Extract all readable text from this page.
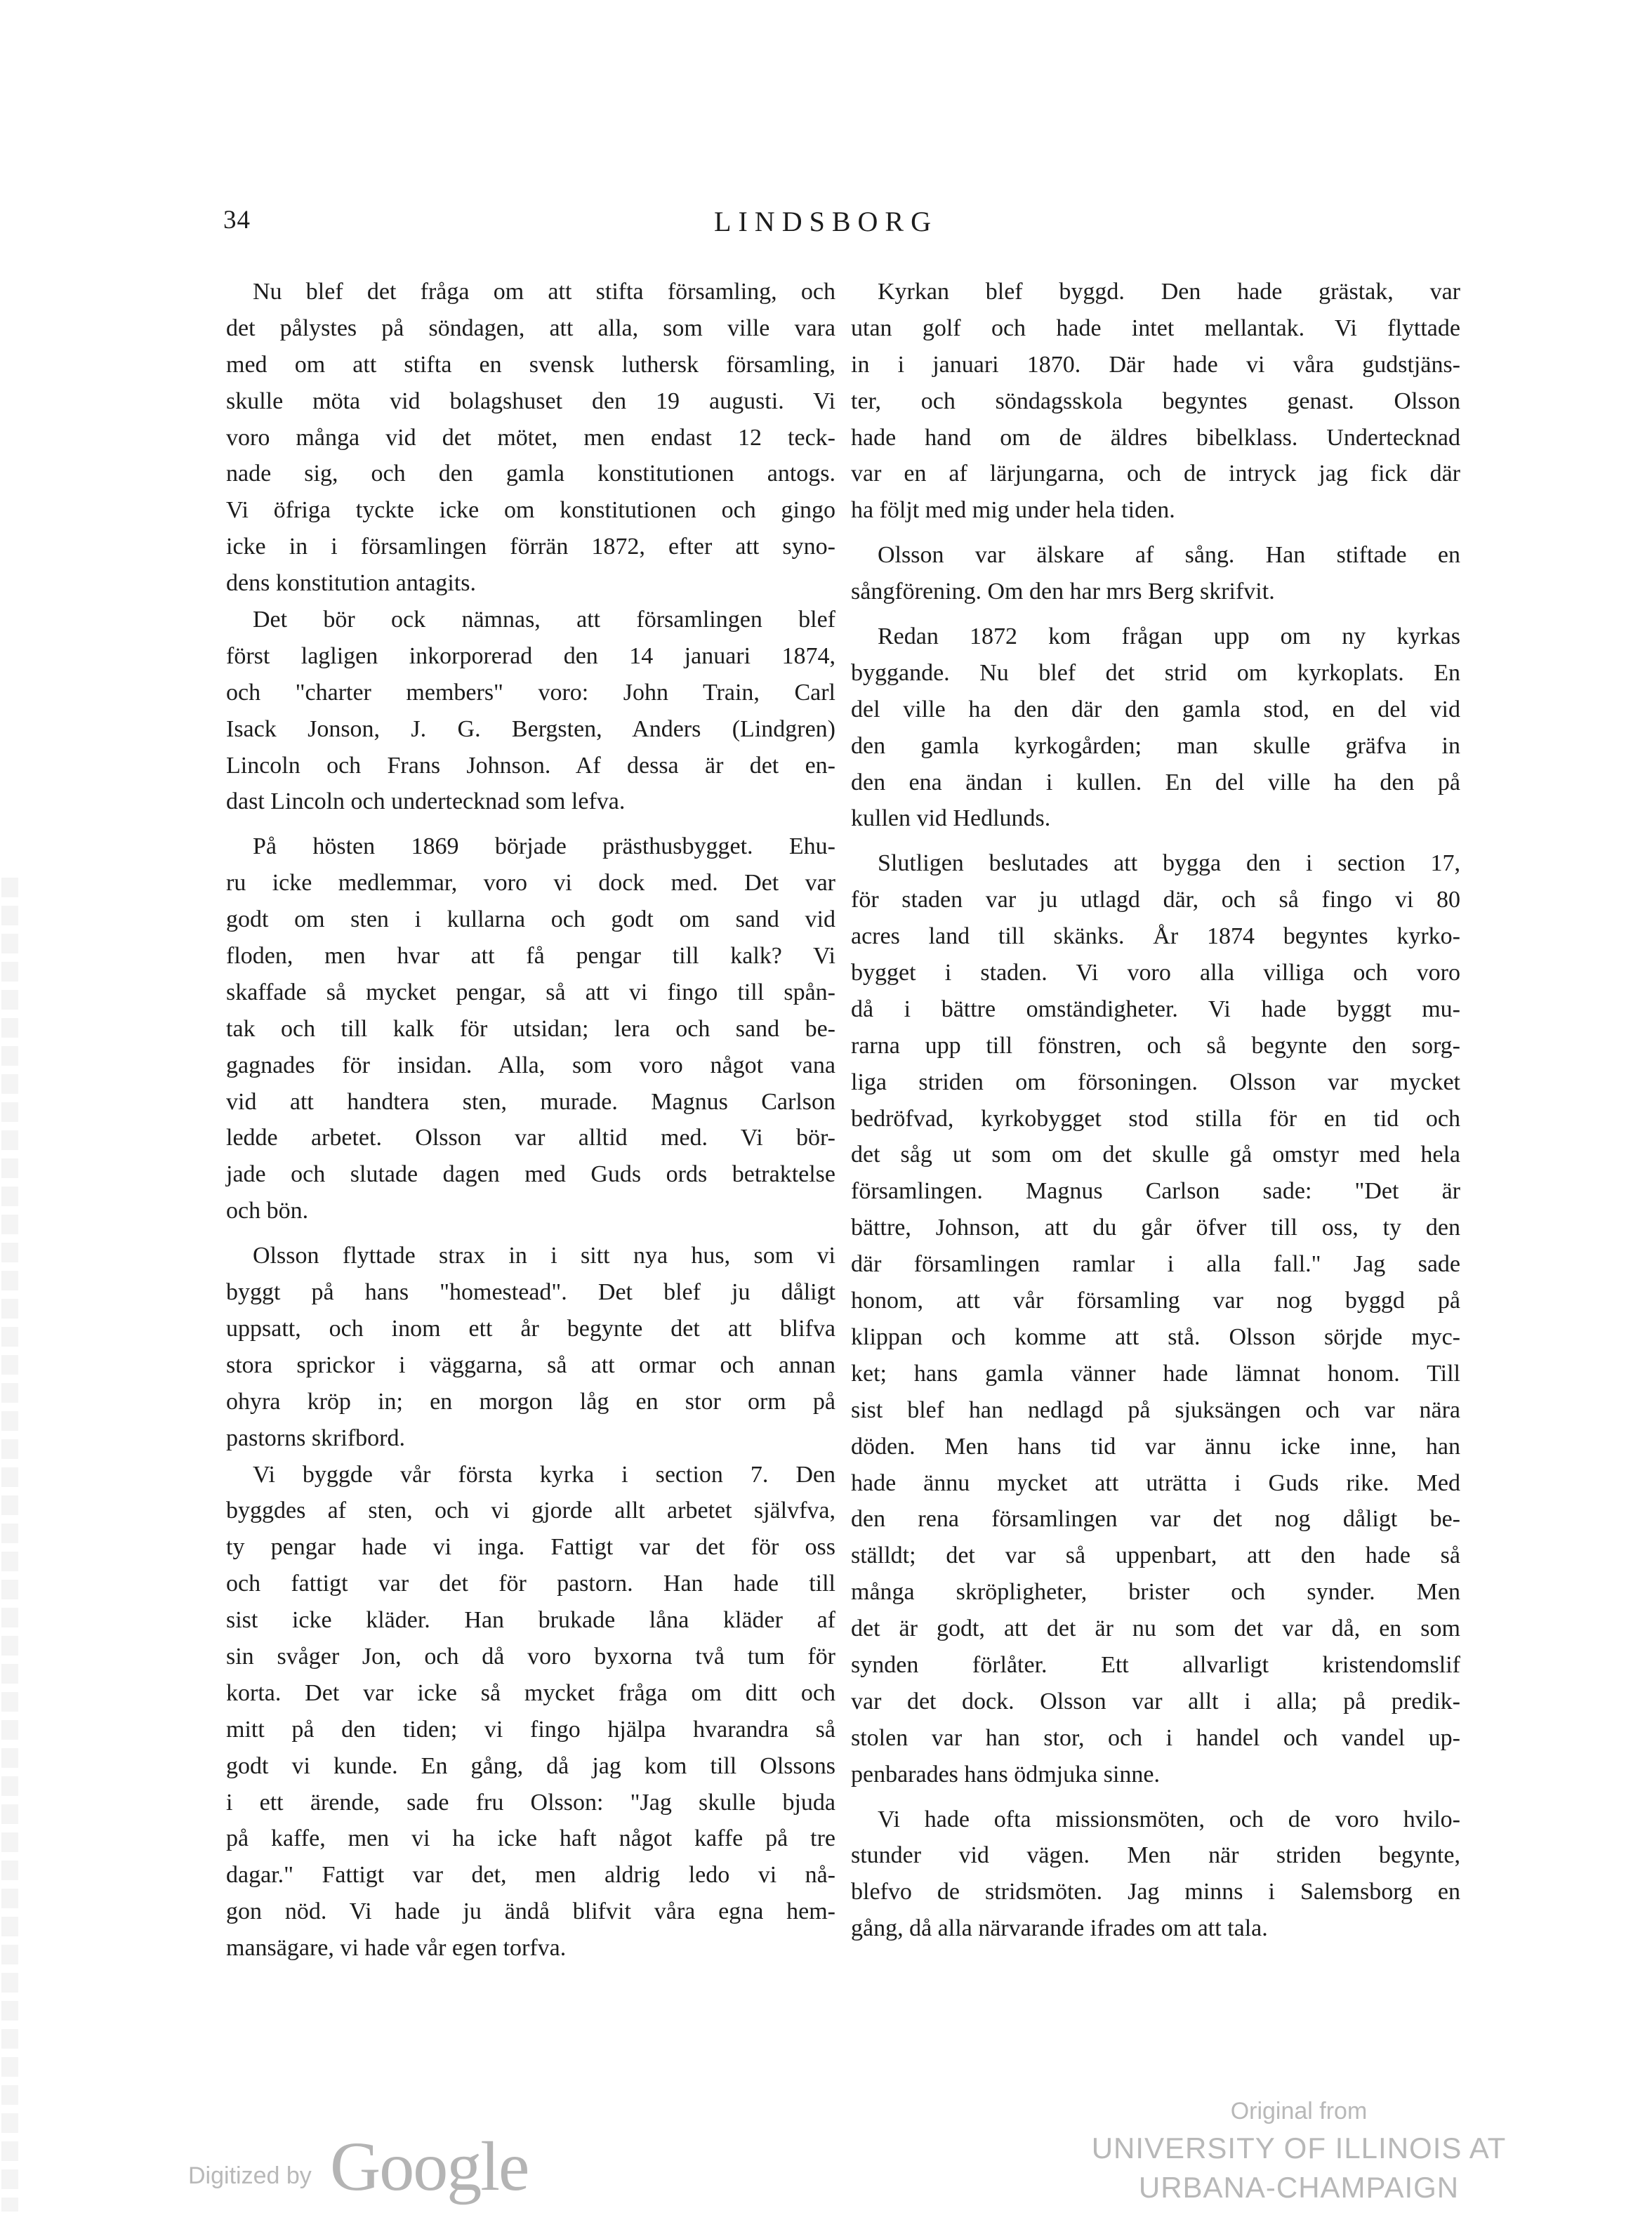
34	LINDSBORG
Nu blef det fråga om att stifta församling, och
det pålystes på söndagen, att alla, som ville vara
med om att stifta en svensk luthersk församling,
skulle möta vid bolagshuset den 19 augusti. Vi
voro många vid det mötet, men endast 12 teck-
nade sig, och den gamla konstitutionen antogs.
Vi öfriga tyckte icke om konstitutionen och gingo
icke in i församlingen förrän 1872, efter att syno-
dens konstitution antagits.
Det bör ock nämnas, att församlingen blef
först lagligen inkorporerad den 14 januari 1874,
och "charter members" voro: John Train, Carl
Isack Jonson, J. G. Bergsten, Anders (Lindgren)
Lincoln och Frans Johnson. Af dessa är det en-
dast Lincoln och undertecknad som lefva.
På hösten 1869 började prästhusbygget. Ehu-
ru icke medlemmar, voro vi dock med. Det var
godt om sten i kullarna och godt om sand vid
floden, men hvar att få pengar till kalk? Vi
skaffade så mycket pengar, så att vi fingo till spån-
tak och till kalk för utsidan; lera och sand be-
gagnades för insidan. Alla, som voro något vana
vid att handtera sten, murade. Magnus Carlson
ledde arbetet. Olsson var alltid med. Vi bör-
jade och slutade dagen med Guds ords betraktelse
och bön.
Olsson flyttade strax in i sitt nya hus, som vi
byggt på hans "homestead". Det blef ju dåligt
uppsatt, och inom ett år begynte det att blifva
stora sprickor i väggarna, så att ormar och annan
ohyra kröp in; en morgon låg en stor orm på
pastorns skrifbord.
Vi byggde vår första kyrka i section 7. Den
byggdes af sten, och vi gjorde allt arbetet självfva,
ty pengar hade vi inga. Fattigt var det för oss
och fattigt var det för pastorn. Han hade till
sist icke kläder. Han brukade låna kläder af
sin svåger Jon, och då voro byxorna två tum för
korta. Det var icke så mycket fråga om ditt och
mitt på den tiden; vi fingo hjälpa hvarandra så
godt vi kunde. En gång, då jag kom till Olssons
i ett ärende, sade fru Olsson: "Jag skulle bjuda
på kaffe, men vi ha icke haft något kaffe på tre
dagar." Fattigt var det, men aldrig ledo vi nå-
gon nöd. Vi hade ju ändå blifvit våra egna hem-
mansägare, vi hade vår egen torfva.
Kyrkan blef byggd. Den hade grästak, var
utan golf och hade intet mellantak. Vi flyttade
in i januari 1870. Där hade vi våra gudstjäns-
ter, och söndagsskola begyntes genast. Olsson
hade hand om de äldres bibelklass. Undertecknad
var en af lärjungarna, och de intryck jag fick där
ha följt med mig under hela tiden.
Olsson var älskare af sång. Han stiftade en
sångförening. Om den har mrs Berg skrifvit.
Redan 1872 kom frågan upp om ny kyrkas
byggande. Nu blef det strid om kyrkoplats. En
del ville ha den där den gamla stod, en del vid
den gamla kyrkogården; man skulle gräfva in
den ena ändan i kullen. En del ville ha den på
kullen vid Hedlunds.
Slutligen beslutades att bygga den i section 17,
för staden var ju utlagd där, och så fingo vi 80
acres land till skänks. År 1874 begyntes kyrko-
bygget i staden. Vi voro alla villiga och voro
då i bättre omständigheter. Vi hade byggt mu-
rarna upp till fönstren, och så begynte den sorg-
liga striden om försoningen. Olsson var mycket
bedröfvad, kyrkobygget stod stilla för en tid och
det såg ut som om det skulle gå omstyr med hela
församlingen. Magnus Carlson sade: "Det är
bättre, Johnson, att du går öfver till oss, ty den
där församlingen ramlar i alla fall." Jag sade
honom, att vår församling var nog byggd på
klippan och komme att stå. Olsson sörjde myc-
ket; hans gamla vänner hade lämnat honom. Till
sist blef han nedlagd på sjuksängen och var nära
döden. Men hans tid var ännu icke inne, han
hade ännu mycket att uträtta i Guds rike. Med
den rena församlingen var det nog dåligt be-
ställdt; det var så uppenbart, att den hade så
många skröpligheter, brister och synder. Men
det är godt, att det är nu som det var då, en som
synden förlåter. Ett allvarligt kristendomslif
var det dock. Olsson var allt i alla; på predik-
stolen var han stor, och i handel och vandel up-
penbarades hans ödmjuka sinne.
Vi hade ofta missionsmöten, och de voro hvilo-
stunder vid vägen. Men när striden begynte,
blefvo de stridsmöten. Jag minns i Salemsborg en
gång, då alla närvarande ifrades om att tala.
Digitized by Google
Original from
UNIVERSITY OF ILLINOIS AT
URBANA-CHAMPAIGN
